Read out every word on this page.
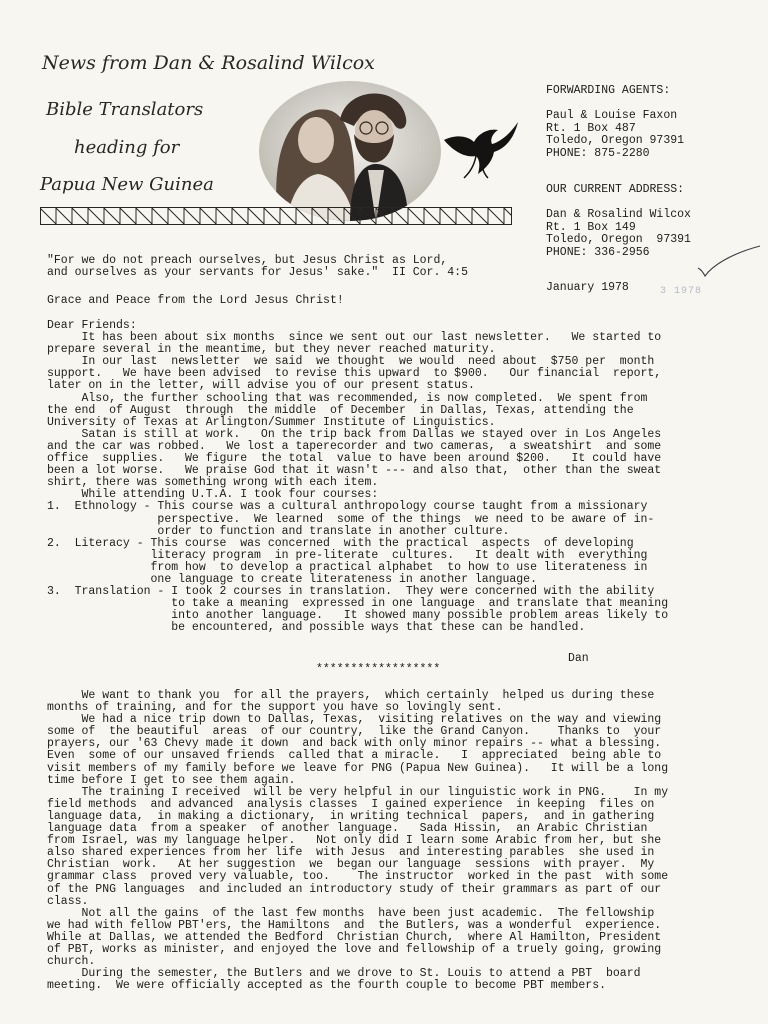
News from Dan & Rosalind Wilcox
Bible Translators
heading for
Papua New Guinea
FORWARDING AGENTS:
Paul & Louise Faxon
Rt. 1 Box 487
Toledo, Oregon 97391
PHONE: 875-2280
OUR CURRENT ADDRESS:
Dan & Rosalind Wilcox
Rt. 1 Box 149
Toledo, Oregon  97391
PHONE: 336-2956
January 1978	3 1978
"For we do not preach ourselves, but Jesus Christ as Lord,
and ourselves as your servants for Jesus' sake."  II Cor. 4:5
Grace and Peace from the Lord Jesus Christ!
Dear Friends:
It has been about six months  since we sent out our last newsletter.   We started to
prepare several in the meantime, but they never reached maturity.
In our last  newsletter  we said  we thought  we would  need about  $750 per  month
support.   We have been advised  to revise this upward  to $900.   Our financial  report,
later on in the letter, will advise you of our present status.
Also, the further schooling that was recommended, is now completed.  We spent from
the end  of August  through  the middle  of December  in Dallas, Texas, attending the
University of Texas at Arlington/Summer Institute of Linguistics.
Satan is still at work.   On the trip back from Dallas we stayed over in Los Angeles
and the car was robbed.   We lost a taperecorder and two cameras,  a sweatshirt  and some
office  supplies.   We figure  the total  value to have been around $200.   It could have
been a lot worse.   We praise God that it wasn't --- and also that,  other than the sweat
shirt, there was something wrong with each item.
While attending U.T.A. I took four courses:
1.  Ethnology - This course was a cultural anthropology course taught from a missionary
perspective.  We learned  some of the things  we need to be aware of in-
order to function and translate in another culture.
2.  Literacy - This course  was concerned  with the practical  aspects  of developing
literacy program  in pre-literate  cultures.   It dealt with  everything
from how  to develop a practical alphabet  to how to use literateness in
one language to create literateness in another language.
3.  Translation - I took 2 courses in translation.  They were concerned with the ability
to take a meaning  expressed in one language  and translate that meaning
into another language.   It showed many possible problem areas likely to
be encountered, and possible ways that these can be handled.
Dan
******************
We want to thank you  for all the prayers,  which certainly  helped us during these
months of training, and for the support you have so lovingly sent.
We had a nice trip down to Dallas, Texas,  visiting relatives on the way and viewing
some of  the beautiful  areas  of our country,  like the Grand Canyon.    Thanks to  your
prayers, our '63 Chevy made it down  and back with only minor repairs -- what a blessing.
Even  some of our unsaved friends  called that a miracle.   I  appreciated  being able to
visit members of my family before we leave for PNG (Papua New Guinea).   It will be a long
time before I get to see them again.
The training I received  will be very helpful in our linguistic work in PNG.    In my
field methods  and advanced  analysis classes  I gained experience  in keeping  files on
language data,  in making a dictionary,  in writing technical  papers,  and in gathering
language data  from a speaker  of another language.   Sada Hissin,  an Arabic Christian
from Israel, was my language helper.   Not only did I learn some Arabic from her, but she
also shared experiences from her life  with Jesus  and interesting parables  she used in
Christian  work.   At her suggestion  we  began our language  sessions  with prayer.  My
grammar class  proved very valuable, too.    The instructor  worked in the past  with some
of the PNG languages  and included an introductory study of their grammars as part of our
class.
Not all the gains  of the last few months  have been just academic.  The fellowship
we had with fellow PBT'ers, the Hamiltons  and  the Butlers, was a wonderful  experience.
While at Dallas, we attended the Bedford  Christian Church,  where Al Hamilton, President
of PBT, works as minister, and enjoyed the love and fellowship of a truely going, growing
church.
During the semester, the Butlers and we drove to St. Louis to attend a PBT  board
meeting.  We were officially accepted as the fourth couple to become PBT members.
